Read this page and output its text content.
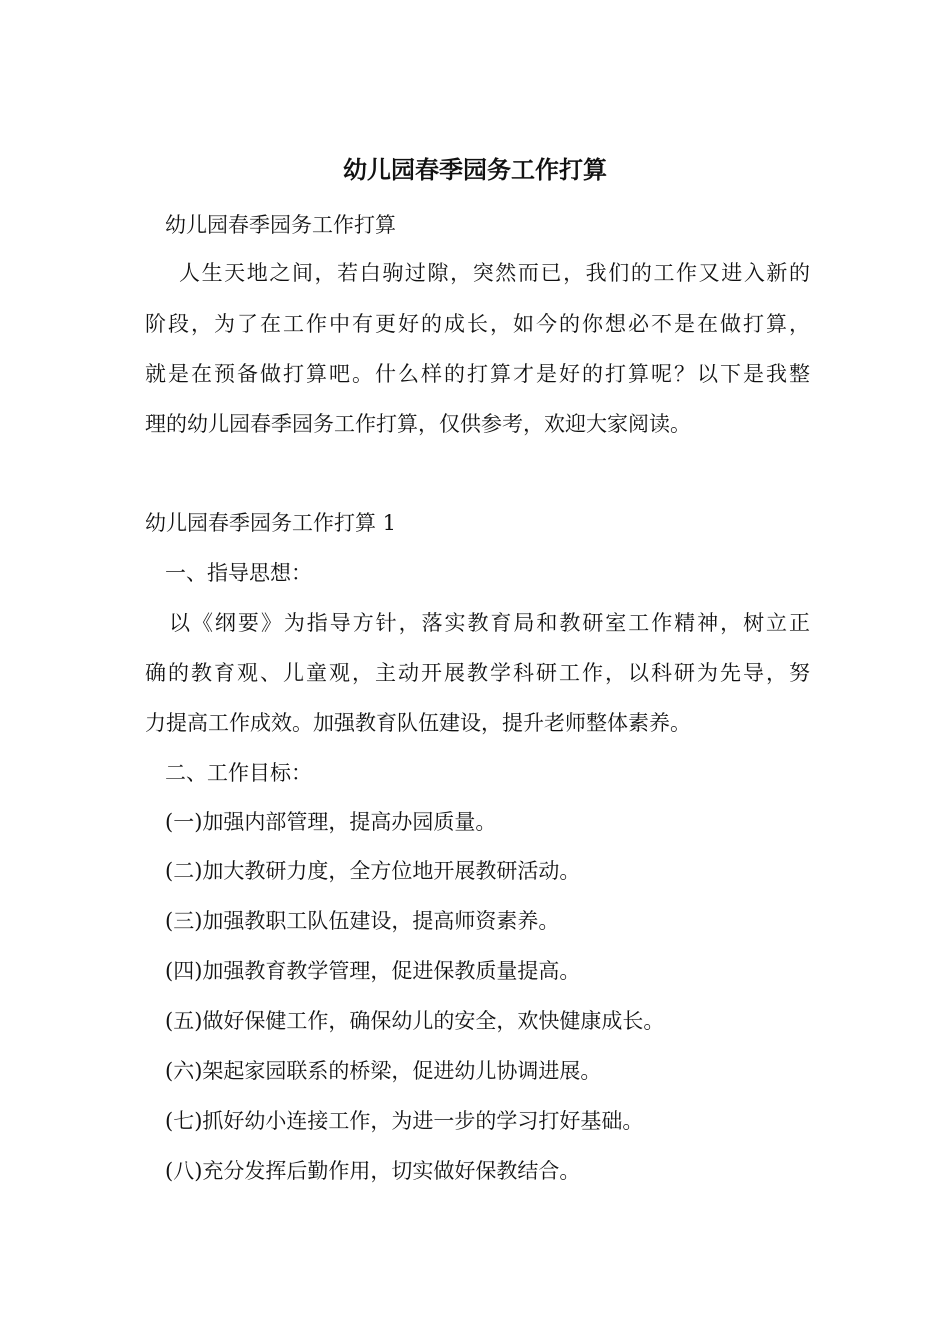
幼儿园春季园务工作打算
幼儿园春季园务工作打算
人生天地之间，若白驹过隙，突然而已，我们的工作又进入新的
阶段，为了在工作中有更好的成长，如今的你想必不是在做打算，
就是在预备做打算吧。什么样的打算才是好的打算呢？以下是我整
理的幼儿园春季园务工作打算，仅供参考，欢迎大家阅读。
幼儿园春季园务工作打算 1
一、指导思想：
以《纲要》为指导方针，落实教育局和教研室工作精神，树立正
确的教育观、儿童观，主动开展教学科研工作，以科研为先导，努
力提高工作成效。加强教育队伍建设，提升老师整体素养。
二、工作目标：
(一)加强内部管理，提高办园质量。
(二)加大教研力度，全方位地开展教研活动。
(三)加强教职工队伍建设，提高师资素养。
(四)加强教育教学管理，促进保教质量提高。
(五)做好保健工作，确保幼儿的安全，欢快健康成长。
(六)架起家园联系的桥梁，促进幼儿协调进展。
(七)抓好幼小连接工作，为进一步的学习打好基础。
(八)充分发挥后勤作用，切实做好保教结合。
